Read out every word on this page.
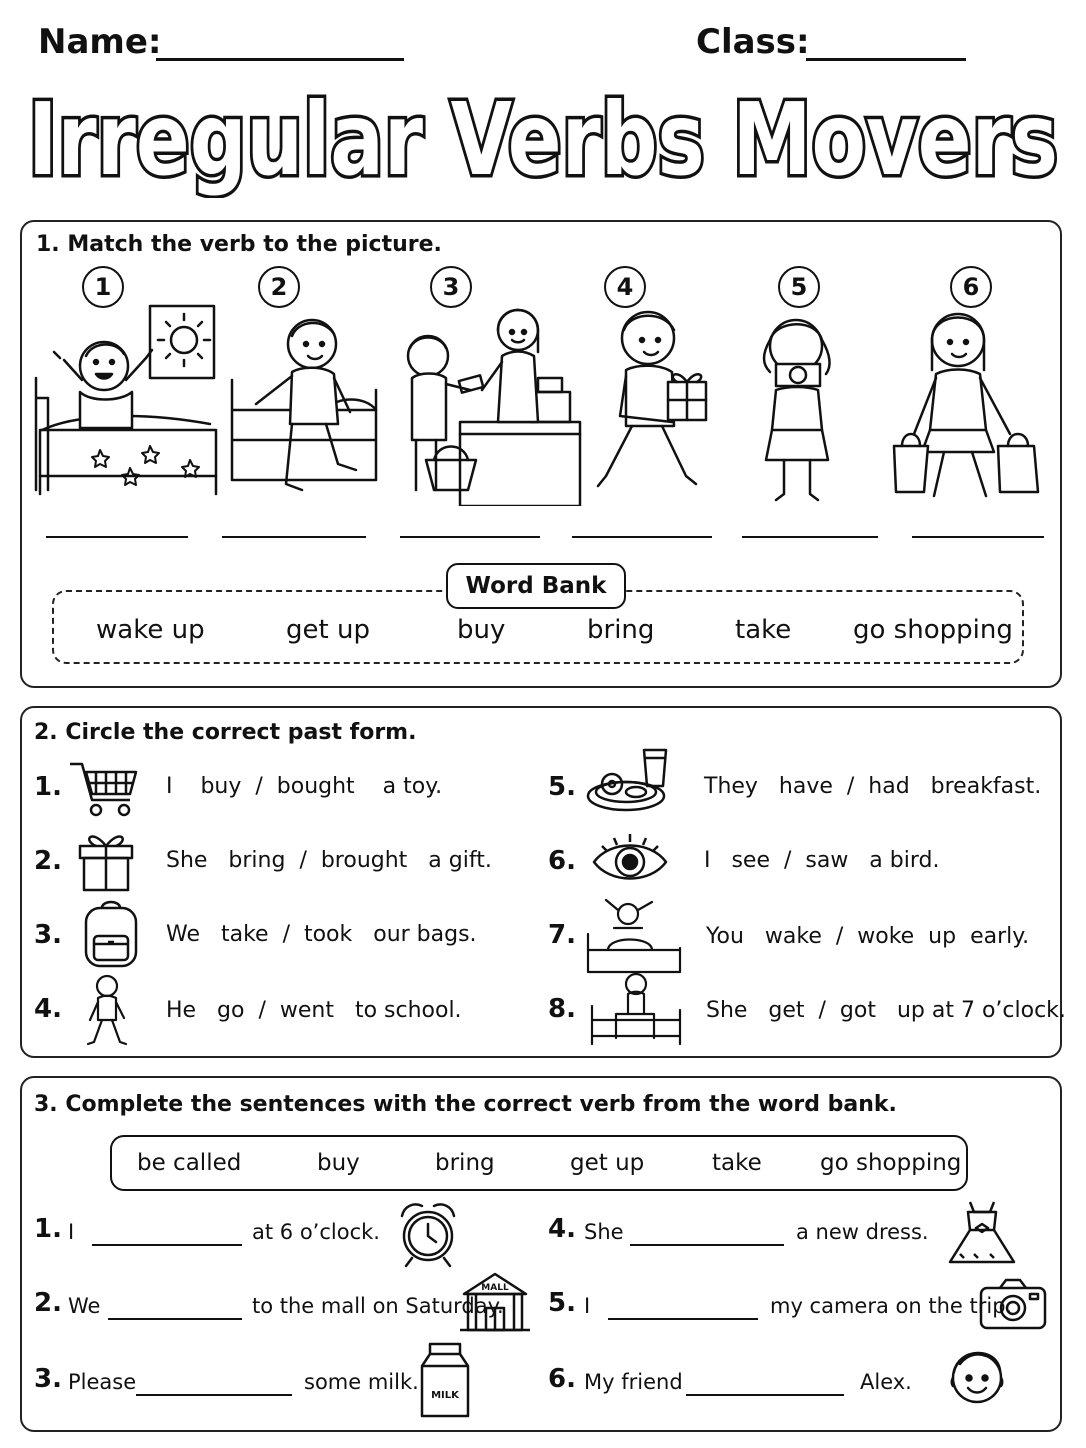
Name:	Class:
Irregular Verbs Movers
1. Match the verb to the picture.
1	2	3	4	5	6
Word Bank
wake up	get up	buy	bring	take go shopping
2. Circle the correct past form.
1.	I    buy  /  bought    a toy.
2.	She   bring  /  brought   a gift.
3.	We   take  /  took   our bags.
4.	He   go  /  went   to school.
5.	They   have  /  had   breakfast.
6.	I   see  /  saw   a bird.
7.	You   wake  /  woke  up  early.
8.	She   get  /  got   up at 7 o’clock.
3. Complete the sentences with the correct verb from the word bank.
be called	buy	bring	get up	take	go shopping
1. I	at 6 o’clock.
2. We	to the mall on Saturday.
MALL
3. Please	some milk.
MILK
4. She	a new dress.
5. I	my camera on the trip.
6. My friend	Alex.
